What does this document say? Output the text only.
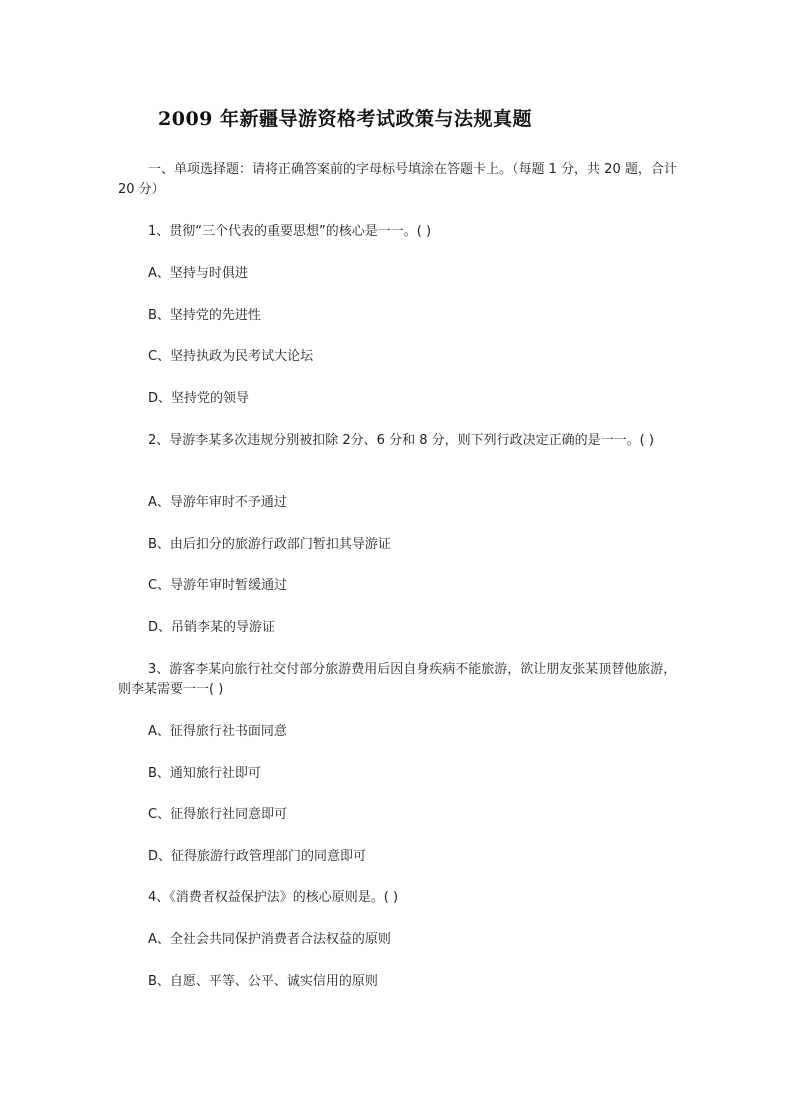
2009 年新疆导游资格考试政策与法规真题
一、单项选择题：请将正确答案前的字母标号填涂在答题卡上。（每题 1 分，共 20 题，合计 20 分）
1、贯彻“三个代表的重要思想”的核心是一一。( )
A、坚持与时俱进
B、坚持党的先进性
C、坚持执政为民考试大论坛
D、坚持党的领导
2、导游李某多次违规分别被扣除 2分、6 分和 8 分，则下列行政决定正确的是一一。( )
A、导游年审时不予通过
B、由后扣分的旅游行政部门暂扣其导游证
C、导游年审时暂缓通过
D、吊销李某的导游证
3、游客李某向旅行社交付部分旅游费用后因自身疾病不能旅游，欲让朋友张某顶替他旅游，则李某需要一一( )
A、征得旅行社书面同意
B、通知旅行社即可
C、征得旅行社同意即可
D、征得旅游行政管理部门的同意即可
4、《消费者权益保护法》的核心原则是。( )
A、全社会共同保护消费者合法权益的原则
B、自愿、平等、公平、诚实信用的原则
